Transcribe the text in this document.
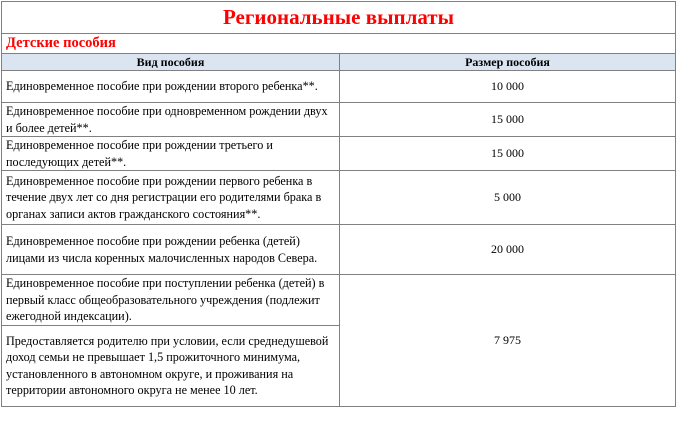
Региональные выплаты	
Детские пособия	
Вид пособия	Размер пособия
Единовременное пособие при рождении второго ребенка**.	10 000
Единовременное пособие при одновременном рождении двух и более детей**.	15 000
Единовременное пособие при рождении третьего и последующих детей**.	15 000
Единовременное пособие при рождении первого ребенка в течение двух лет со дня регистрации его родителями брака в органах записи актов гражданского состояния**.	5 000
Единовременное пособие при рождении ребенка (детей) лицами из числа коренных малочисленных народов Севера.	20 000
Единовременное пособие при поступлении ребенка (детей) в первый класс общеобразовательного учреждения (подлежит ежегодной индексации).	7 975
Предоставляется родителю при условии, если среднедушевой доход семьи не превышает 1,5 прожиточного минимума, установленного в автономном округе, и проживания на территории автономного округа не менее 10 лет.	
